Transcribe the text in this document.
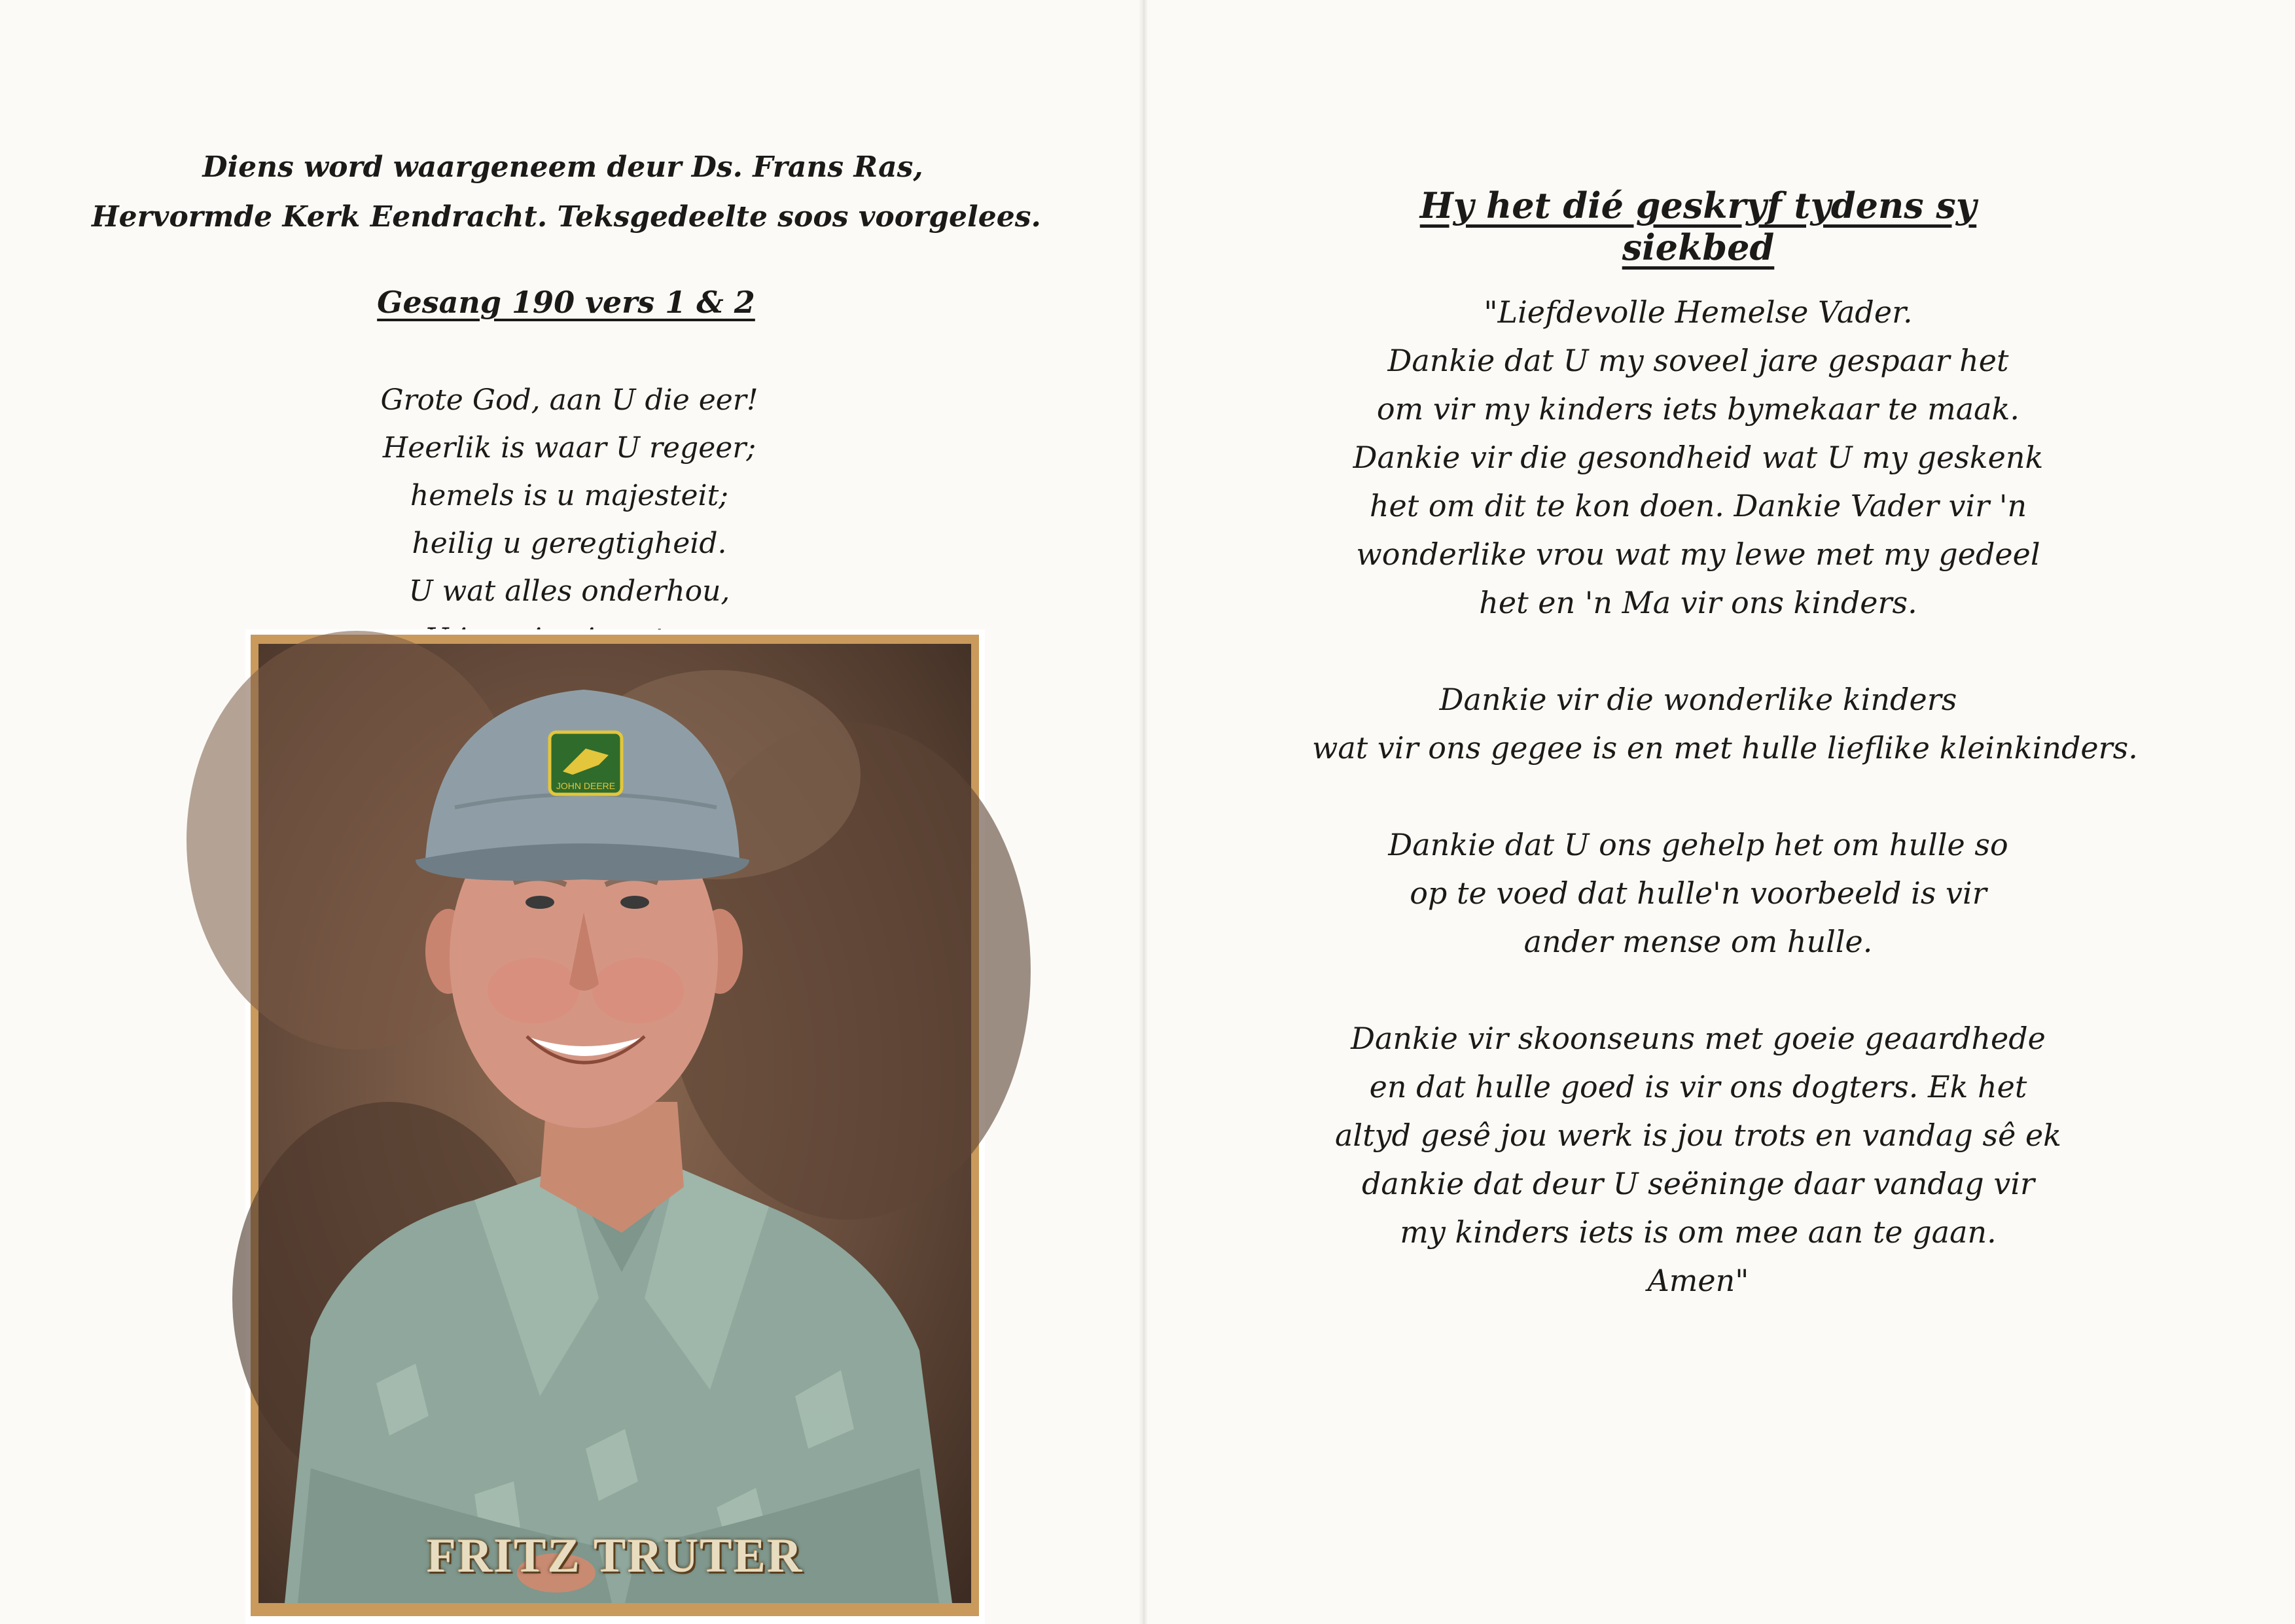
Diens word waargeneem deur Ds. Frans Ras,
Hervormde Kerk Eendracht. Teksgedeelte soos voorgelees.
Gesang 190 vers 1 & 2
Grote God, aan U die eer!
Heerlik is waar U regeer;
hemels is u majesteit;
heilig u geregtigheid.
U wat alles onderhou,
JOHN DEERE
FRITZ TRUTER
Hy het dié geskryf tydens sy siekbed
"Liefdevolle Hemelse Vader.
Dankie dat U my soveel jare gespaar het
om vir my kinders iets bymekaar te maak.
Dankie vir die gesondheid wat U my geskenk
het om dit te kon doen. Dankie Vader vir 'n
wonderlike vrou wat my lewe met my gedeel
het en 'n Ma vir ons kinders.
Dankie vir die wonderlike kinders
wat vir ons gegee is en met hulle lieflike kleinkinders.
Dankie dat U ons gehelp het om hulle so
op te voed dat hulle'n voorbeeld is vir
ander mense om hulle.
Dankie vir skoonseuns met goeie geaardhede
en dat hulle goed is vir ons dogters. Ek het
altyd gesê jou werk is jou trots en vandag sê ek
dankie dat deur U seëninge daar vandag vir
my kinders iets is om mee aan te gaan.
Amen"
